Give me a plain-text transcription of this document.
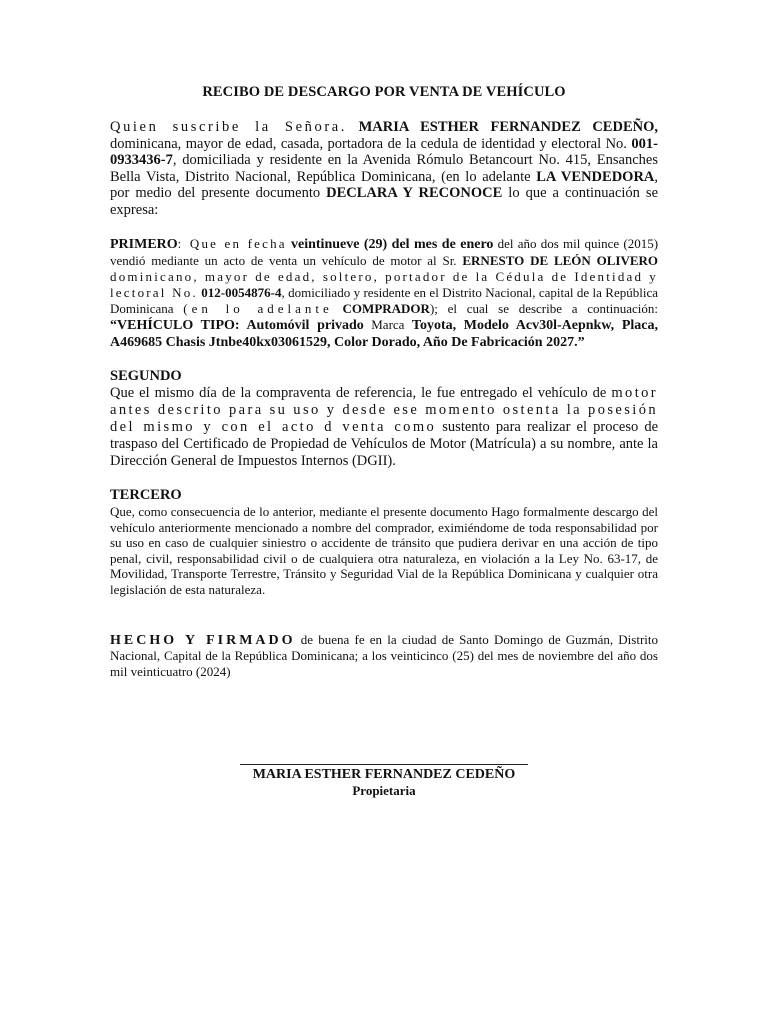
RECIBO DE DESCARGO POR VENTA DE VEHÍCULO

Quien suscribe la Señora. MARIA ESTHER FERNANDEZ CEDEÑO, dominicana, mayor de edad, casada, portadora de la cedula de identidad y electoral No. 001-0933436-7, domiciliada y residente en la Avenida Rómulo Betancourt No. 415, Ensanches Bella Vista, Distrito Nacional, República Dominicana, (en lo adelante LA VENDEDORA, por medio del presente documento DECLARA Y RECONOCE lo que a continuación se expresa:

PRIMERO: Que en fecha veintinueve (29) del mes de enero del año dos mil quince (2015) vendió mediante un acto de venta un vehículo de motor al Sr. ERNESTO DE LEÓN OLIVERO dominicano, mayor de edad, soltero, portador de la Cédula de Identidad y lectoral No. 012-0054876-4, domiciliado y residente en el Distrito Nacional, capital de la República Dominicana (en lo adelante COMPRADOR); el cual se describe a continuación: “VEHÍCULO TIPO: Automóvil privado Marca Toyota, Modelo Acv30l-Aepnkw, Placa, A469685 Chasis Jtnbe40kx03061529, Color Dorado, Año De Fabricación 2027.”

SEGUNDO

Que el mismo día de la compraventa de referencia, le fue entregado el vehículo de motor antes descrito para su uso y desde ese momento ostenta la posesión del mismo y con el acto d venta como sustento para realizar el proceso de traspaso del Certificado de Propiedad de Vehículos de Motor (Matrícula) a su nombre, ante la Dirección General de Impuestos Internos (DGII).

TERCERO

Que, como consecuencia de lo anterior, mediante el presente documento Hago formalmente descargo del vehículo anteriormente mencionado a nombre del comprador, eximiéndome de toda responsabilidad por su uso en caso de cualquier siniestro o accidente de tránsito que pudiera derivar en una acción de tipo penal, civil, responsabilidad civil o de cualquiera otra naturaleza, en violación a la Ley No. 63-17, de Movilidad, Transporte Terrestre, Tránsito y Seguridad Vial de la República Dominicana y cualquier otra legislación de esta naturaleza.

HECHO Y FIRMADO de buena fe en la ciudad de Santo Domingo de Guzmán, Distrito Nacional, Capital de la República Dominicana; a los veinticinco (25) del mes de noviembre del año dos mil veinticuatro (2024)

MARIA ESTHER FERNANDEZ CEDEÑO
Propietaria
